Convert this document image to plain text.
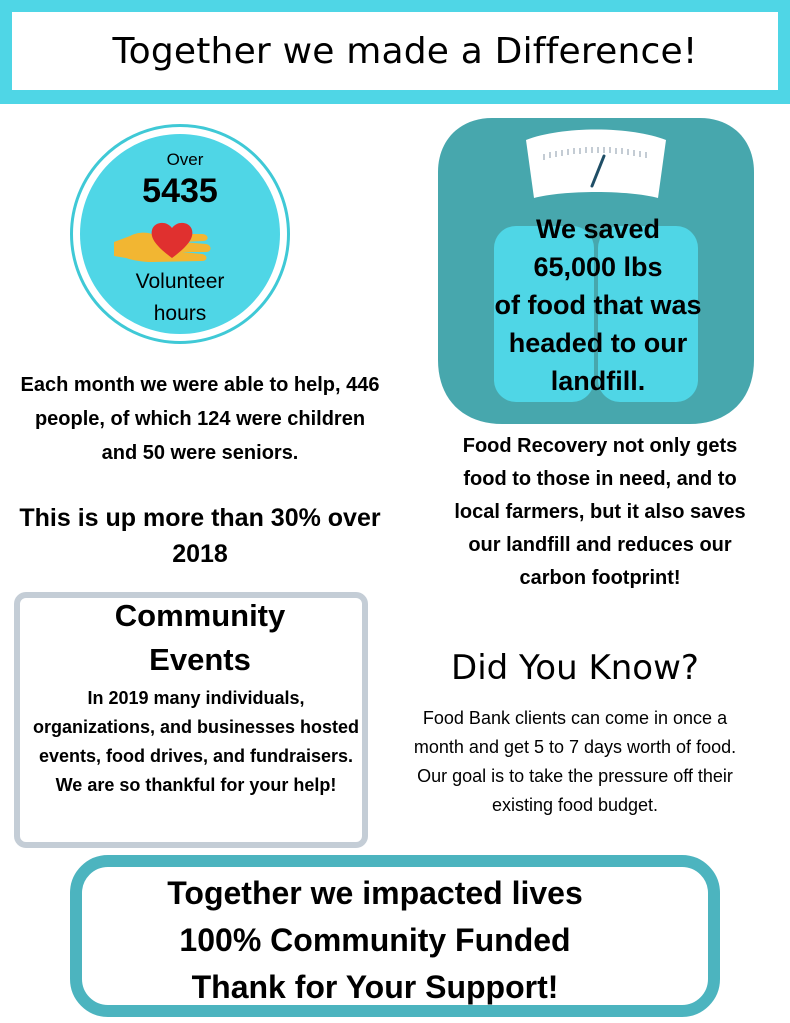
Together we made a Difference!
Over
5435
Volunteer
hours
Each month we were able to help, 446 people, of which 124 were children and 50 were seniors.
This is up more than 30% over 2018
Community
Events
In 2019 many individuals, organizations, and businesses hosted events, food drives, and fundraisers. We are so thankful for your help!
We saved
65,000 lbs
of food that was
headed to our
landfill.
Food Recovery not only gets food to those in need, and to local farmers, but it also saves our landfill and reduces our carbon footprint!
Did You Know?
Food Bank clients can come in once a month and get 5 to 7 days worth of food. Our goal is to take the pressure off their existing food budget.
Together we impacted lives
100% Community Funded
Thank for Your Support!
